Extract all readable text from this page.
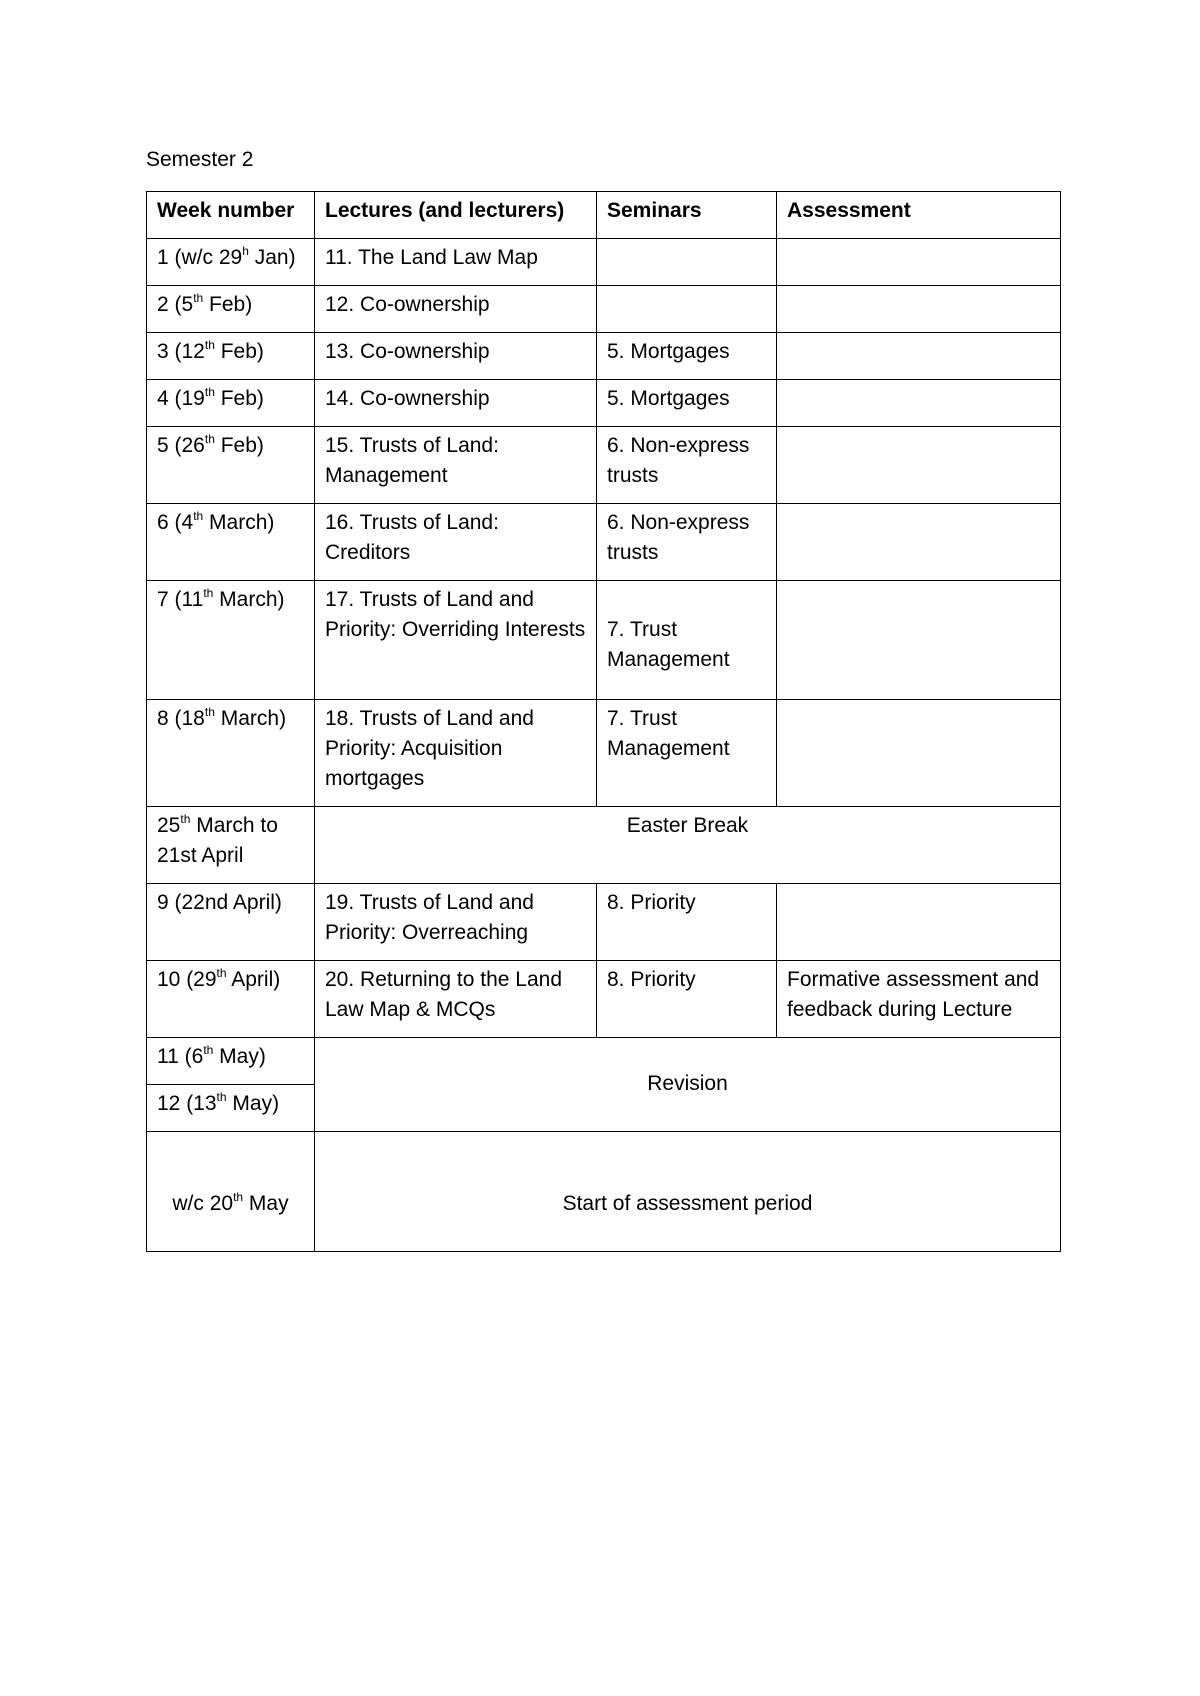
Semester 2
Week number	Lectures (and lecturers)	Seminars	Assessment
1 (w/c 29$^h$ Jan)	11. The Land Law Map		
2 (5th Feb)	12. Co-ownership		
3 (12th Feb)	13. Co-ownership	5. Mortgages	
4 (19th Feb)	14. Co-ownership	5. Mortgages	
5 (26th Feb)	15. Trusts of Land: Management	6. Non-express trusts	
6 (4th March)	16. Trusts of Land: Creditors	6. Non-express trusts	
7 (11th March)	17. Trusts of Land and Priority: Overriding Interests	7. Trust Management	
8 (18th March)	18. Trusts of Land and Priority: Acquisition mortgages	7. Trust Management	
25th March to 21st April	Easter Break		
9 (22nd April)	19. Trusts of Land and Priority: Overreaching	8. Priority	
10 (29th April)	20. Returning to the Land Law Map & MCQs	8. Priority	Formative assessment and feedback during Lecture
11 (6th May)	Revision		
12 (13th May)			
w/c 20th May	Start of assessment period		
